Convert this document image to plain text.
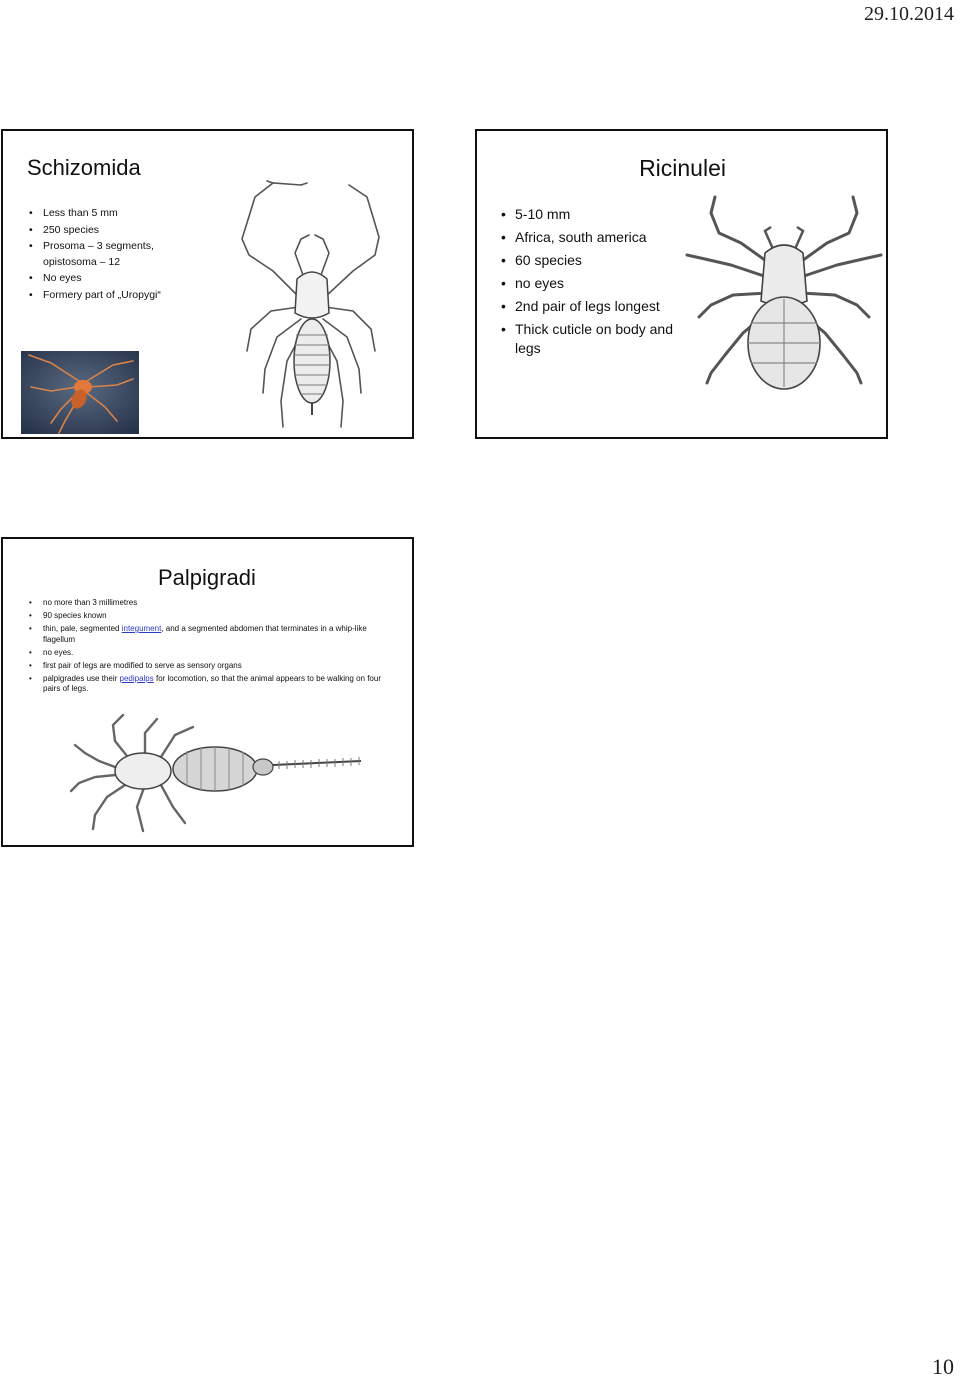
29.10.2014
Schizomida
• Less than 5 mm
• 250 species
• Prosoma – 3 segments, opistosoma – 12
• No eyes
• Formery part of „Uropygi“
Ricinulei
• 5-10 mm
• Africa, south america
• 60 species
• no eyes
• 2nd pair of legs longest
• Thick cuticle on body and legs
Palpigradi
• no more than 3 millimetres
• 90 species known
• thin, pale, segmented integument, and a segmented abdomen that terminates in a whip-like flagellum
• no eyes.
• first pair of legs are modified to serve as sensory organs
• palpigrades use their pedipalps for locomotion, so that the animal appears to be walking on four pairs of legs.
10
